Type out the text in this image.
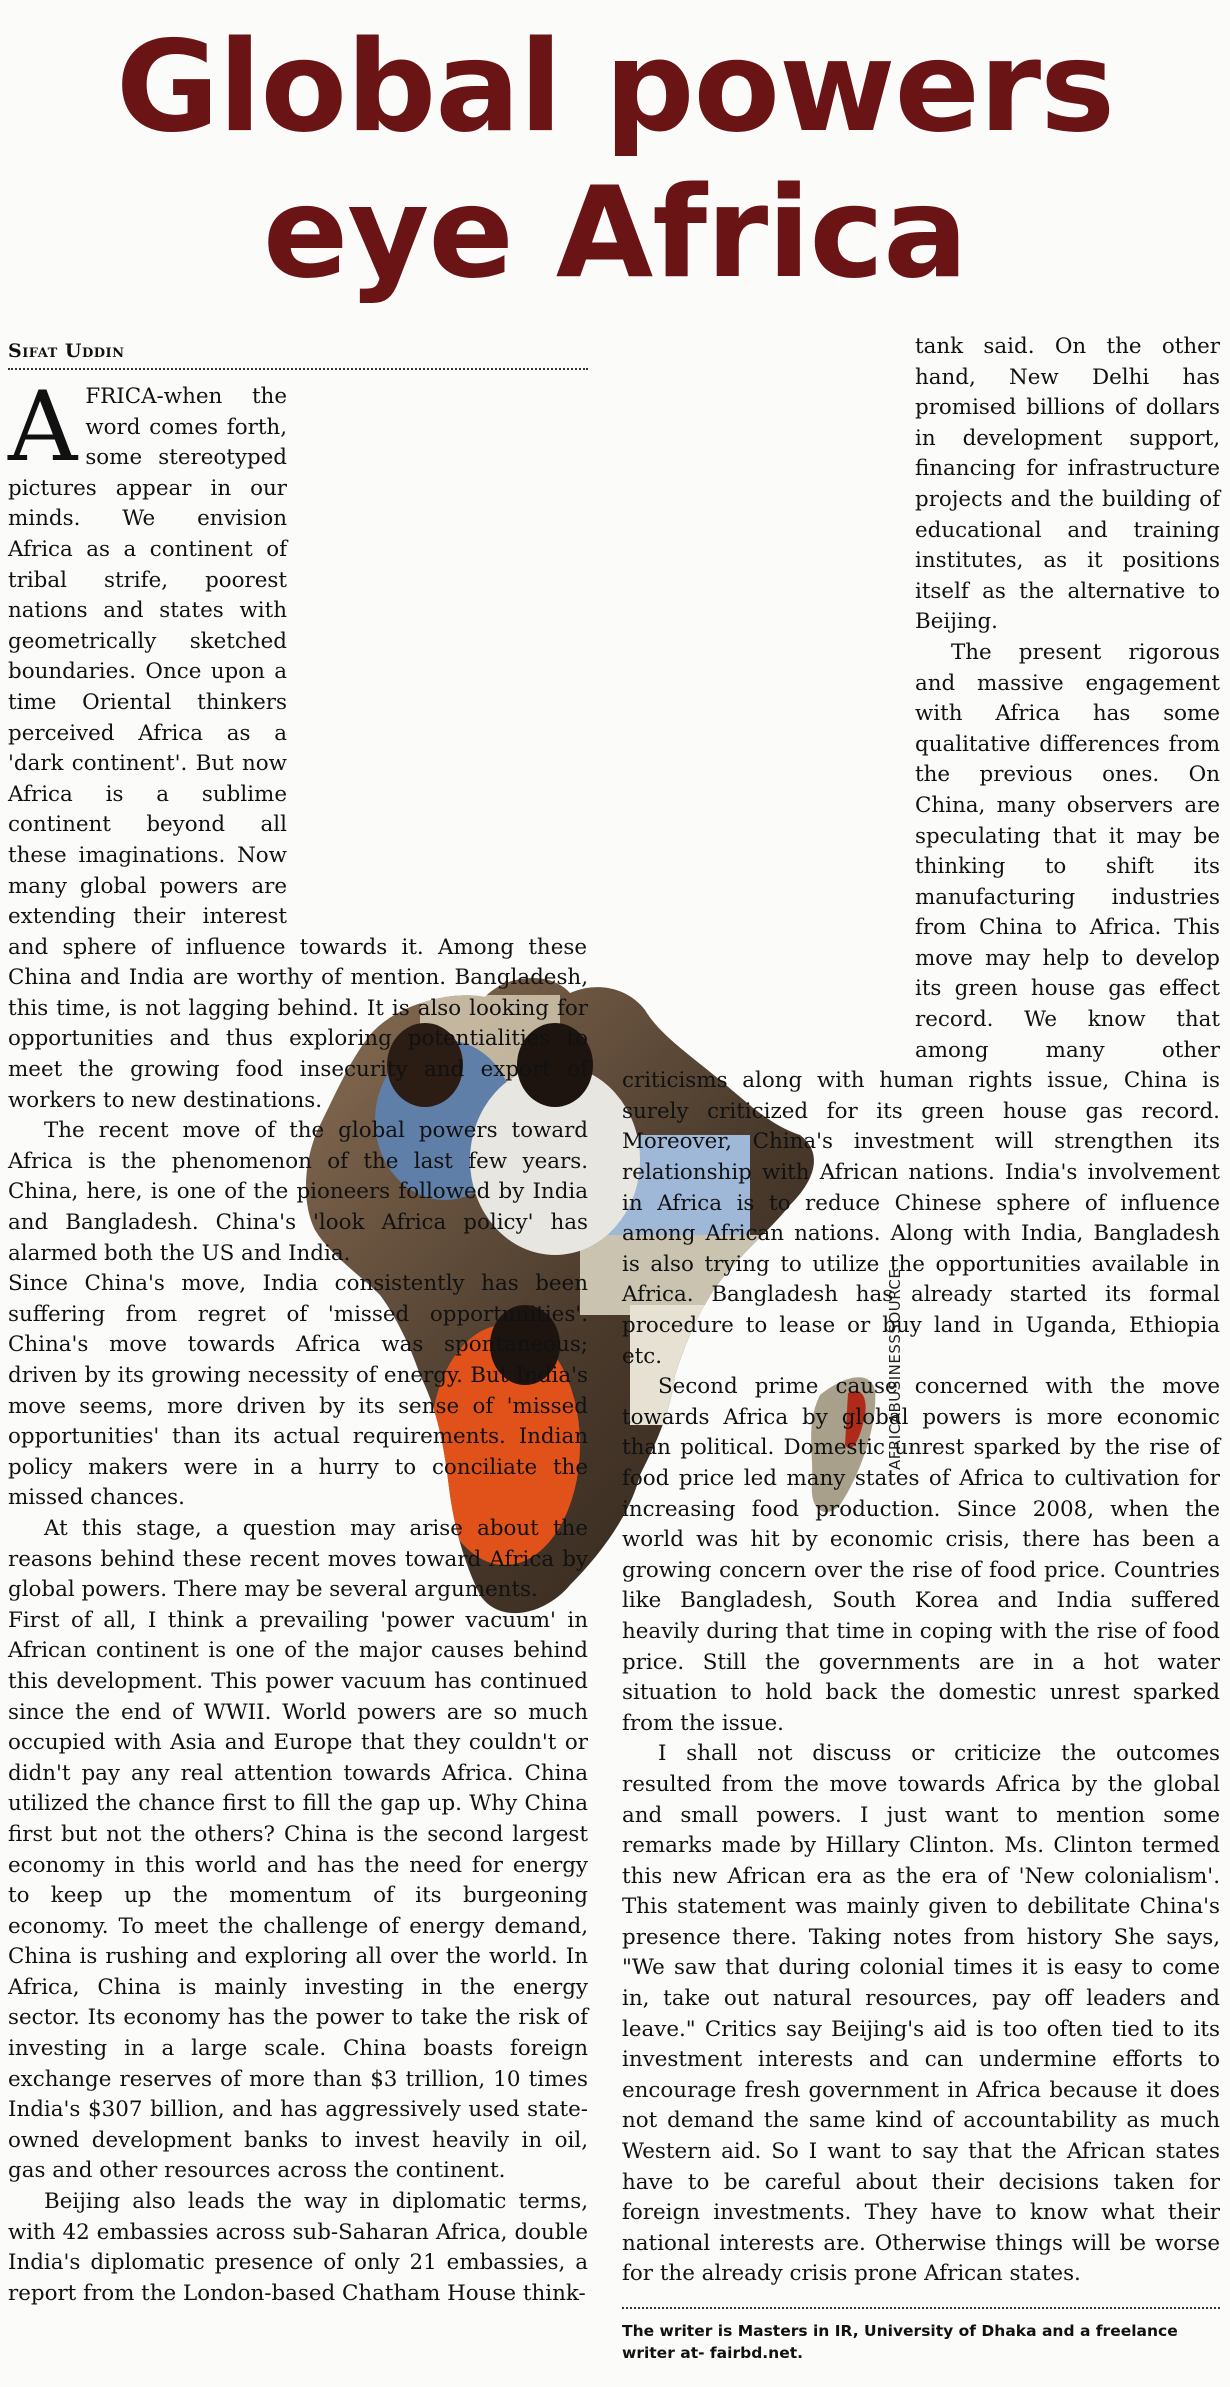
Global powers
eye Africa
Sifat Uddin
AFRICABUSINESSSOURCE

AFRICA-when the word comes forth, some stereotyped pictures appear in our minds. We envision Africa as a continent of tribal strife, poorest nations and states with geometrically sketched boundaries. Once upon a time Oriental thinkers perceived Africa as a 'dark continent'. But now Africa is a sublime continent beyond all these imaginations. Now many global powers are extending their interest and sphere of influence towards it. Among these China and India are worthy of mention. Bangladesh, this time, is not lagging behind. It is also looking for opportunities and thus exploring potentialities to meet the growing food insecurity and export of workers to new destinations.

The recent move of the global powers toward Africa is the phenomenon of the last few years. China, here, is one of the pioneers followed by India and Bangladesh. China's 'look Africa policy' has alarmed both the US and India.

Since China's move, India consistently has been suffering from regret of 'missed opportunities'. China's move towards Africa was spontaneous; driven by its growing necessity of energy. But India's move seems, more driven by its sense of 'missed opportunities' than its actual requirements. Indian policy makers were in a hurry to conciliate the missed chances.

At this stage, a question may arise about the reasons behind these recent moves toward Africa by global powers. There may be several arguments.

First of all, I think a prevailing 'power vacuum' in African continent is one of the major causes behind this development. This power vacuum has continued since the end of WWII. World powers are so much occupied with Asia and Europe that they couldn't or didn't pay any real attention towards Africa. China utilized the chance first to fill the gap up. Why China first but not the others? China is the second largest economy in this world and has the need for energy to keep up the momentum of its burgeoning economy. To meet the challenge of energy demand, China is rushing and exploring all over the world. In Africa, China is mainly investing in the energy sector. Its economy has the power to take the risk of investing in a large scale. China boasts foreign exchange reserves of more than $3 trillion, 10 times India's $307 billion, and has aggressively used state-owned development banks to invest heavily in oil, gas and other resources across the continent.

Beijing also leads the way in diplomatic terms, with 42 embassies across sub-Saharan Africa, double India's diplomatic presence of only 21 embassies, a report from the London-based Chatham House think-

tank said. On the other hand, New Delhi has promised billions of dollars in development support, financing for infrastructure projects and the building of educational and training institutes, as it positions itself as the alternative to Beijing.

The present rigorous and massive engagement with Africa has some qualitative differences from the previous ones. On China, many observers are speculating that it may be thinking to shift its manufacturing industries from China to Africa. This move may help to develop its green house gas effect record. We know that among many other criticisms along with human rights issue, China is surely criticized for its green house gas record. Moreover, China's investment will strengthen its relationship with African nations. India's involvement in Africa is to reduce Chinese sphere of influence among African nations. Along with India, Bangladesh is also trying to utilize the opportunities available in Africa. Bangladesh has already started its formal procedure to lease or buy land in Uganda, Ethiopia etc.

Second prime cause concerned with the move towards Africa by global powers is more economic than political. Domestic unrest sparked by the rise of food price led many states of Africa to cultivation for increasing food production. Since 2008, when the world was hit by economic crisis, there has been a growing concern over the rise of food price. Countries like Bangladesh, South Korea and India suffered heavily during that time in coping with the rise of food price. Still the governments are in a hot water situation to hold back the domestic unrest sparked from the issue.

I shall not discuss or criticize the outcomes resulted from the move towards Africa by the global and small powers. I just want to mention some remarks made by Hillary Clinton. Ms. Clinton termed this new African era as the era of 'New colonialism'. This statement was mainly given to debilitate China's presence there. Taking notes from history She says, "We saw that during colonial times it is easy to come in, take out natural resources, pay off leaders and leave." Critics say Beijing's aid is too often tied to its investment interests and can undermine efforts to encourage fresh government in Africa because it does not demand the same kind of accountability as much Western aid. So I want to say that the African states have to be careful about their decisions taken for foreign investments. They have to know what their national interests are. Otherwise things will be worse for the already crisis prone African states.

The writer is Masters in IR, University of Dhaka and a freelance writer at- fairbd.net.
